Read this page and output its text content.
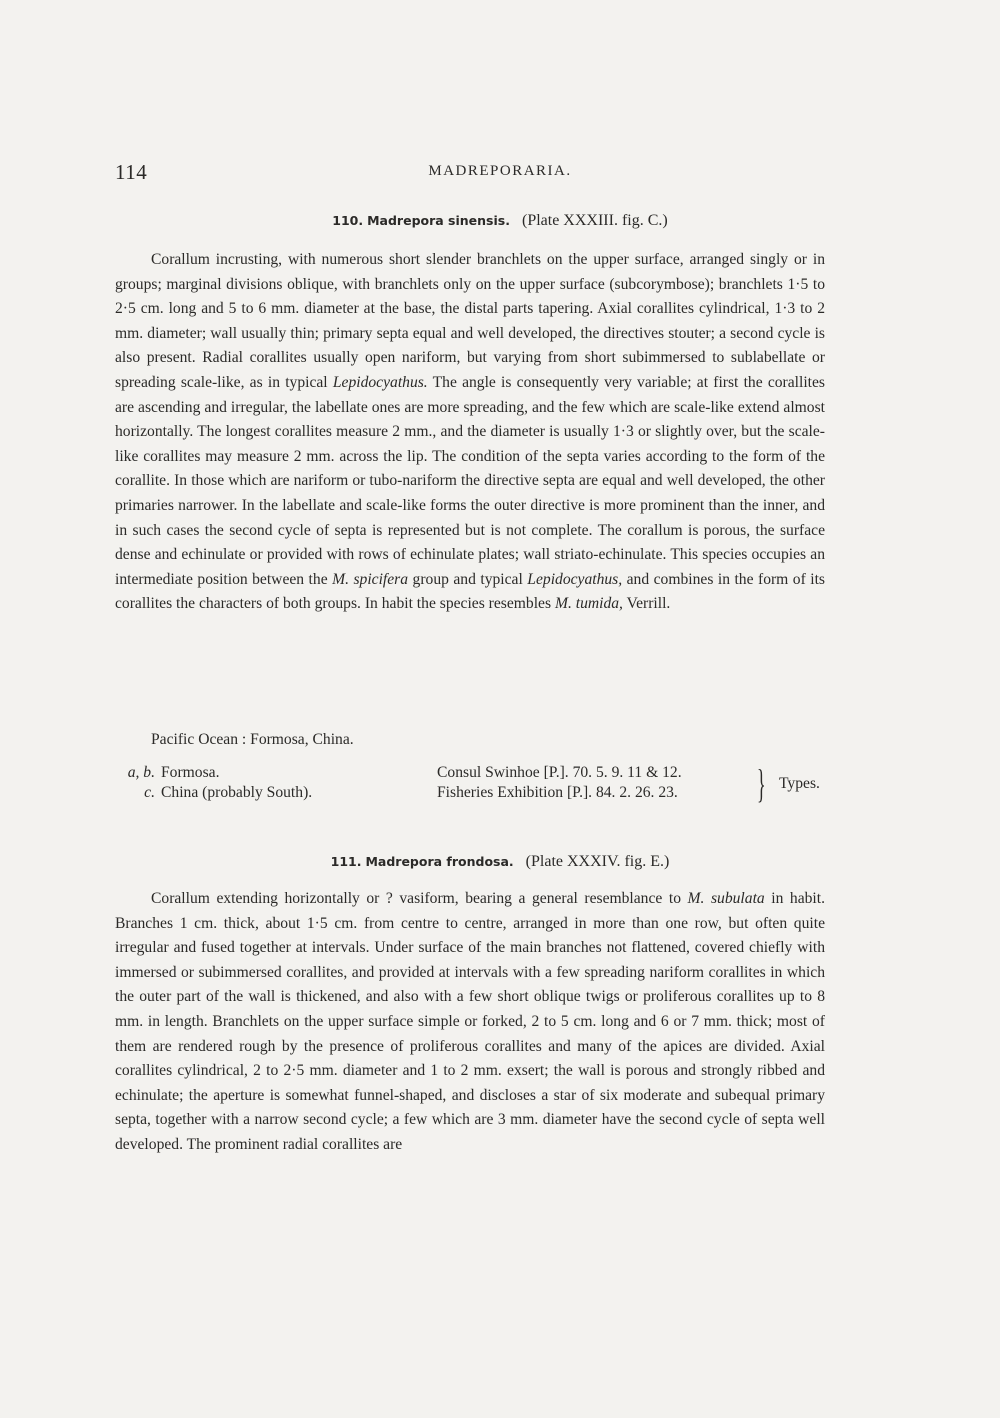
114	MADREPORARIA.
110. Madrepora sinensis. (Plate XXXIII. fig. C.)
Corallum incrusting, with numerous short slender branchlets on the upper surface, arranged singly or in groups; marginal divisions oblique, with branchlets only on the upper surface (subcorymbose); branchlets 1·5 to 2·5 cm. long and 5 to 6 mm. diameter at the base, the distal parts tapering. Axial corallites cylindrical, 1·3 to 2 mm. diameter; wall usually thin; primary septa equal and well developed, the directives stouter; a second cycle is also present. Radial corallites usually open nariform, but varying from short subimmersed to sublabellate or spreading scale-like, as in typical Lepidocyathus. The angle is consequently very variable; at first the corallites are ascending and irregular, the labellate ones are more spreading, and the few which are scale-like extend almost horizontally. The longest corallites measure 2 mm., and the diameter is usually 1·3 or slightly over, but the scale-like corallites may measure 2 mm. across the lip. The condition of the septa varies according to the form of the corallite. In those which are nariform or tubo-nariform the directive septa are equal and well developed, the other primaries narrower. In the labellate and scale-like forms the outer directive is more prominent than the inner, and in such cases the second cycle of septa is represented but is not complete. The corallum is porous, the surface dense and echinulate or provided with rows of echinulate plates; wall striato-echinulate. This species occupies an intermediate position between the M. spicifera group and typical Lepidocyathus, and combines in the form of its corallites the characters of both groups. In habit the species resembles M. tumida, Verrill.
Pacific Ocean : Formosa, China.
a, b. Formosa.	Consul Swinhoe [P.]. 70. 5. 9. 11 & 12.
c. China (probably South).	Fisheries Exhibition [P.]. 84. 2. 26. 23. } Types.
111. Madrepora frondosa. (Plate XXXIV. fig. E.)
Corallum extending horizontally or ? vasiform, bearing a general resemblance to M. subulata in habit. Branches 1 cm. thick, about 1·5 cm. from centre to centre, arranged in more than one row, but often quite irregular and fused together at intervals. Under surface of the main branches not flattened, covered chiefly with immersed or subimmersed corallites, and provided at intervals with a few spreading nariform corallites in which the outer part of the wall is thickened, and also with a few short oblique twigs or proliferous corallites up to 8 mm. in length. Branchlets on the upper surface simple or forked, 2 to 5 cm. long and 6 or 7 mm. thick; most of them are rendered rough by the presence of proliferous corallites and many of the apices are divided. Axial corallites cylindrical, 2 to 2·5 mm. diameter and 1 to 2 mm. exsert; the wall is porous and strongly ribbed and echinulate; the aperture is somewhat funnel-shaped, and discloses a star of six moderate and subequal primary septa, together with a narrow second cycle; a few which are 3 mm. diameter have the second cycle of septa well developed. The prominent radial corallites are
